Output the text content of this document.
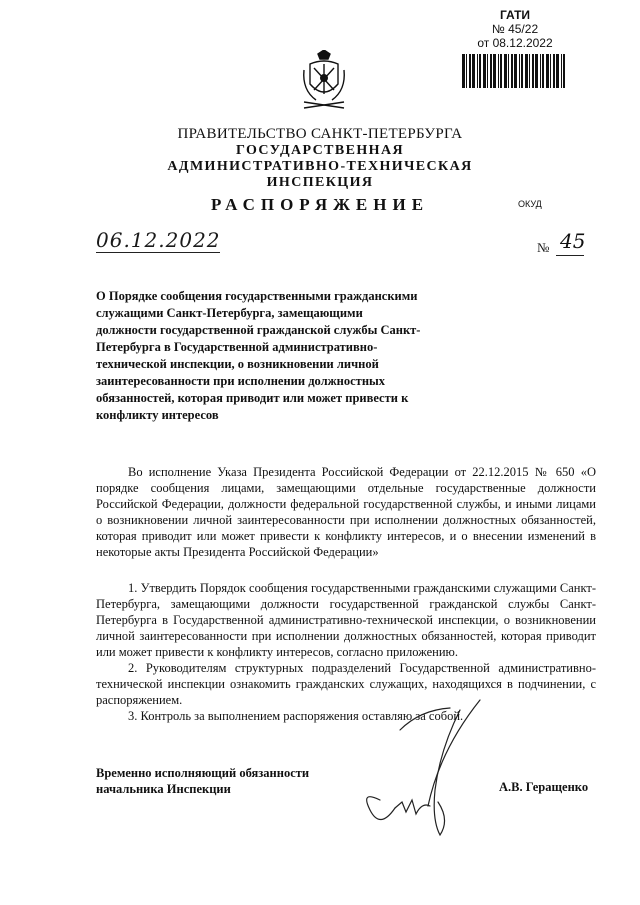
ГАТИ
№ 45/22
от 08.12.2022
ПРАВИТЕЛЬСТВО САНКТ-ПЕТЕРБУРГА
ГОСУДАРСТВЕННАЯ
АДМИНИСТРАТИВНО-ТЕХНИЧЕСКАЯ
ИНСПЕКЦИЯ
РАСПОРЯЖЕНИЕ	ОКУД
06.12.2022	№ 45
О Порядке сообщения государственными гражданскими служащими Санкт-Петербурга, замещающими должности государственной гражданской службы Санкт-Петербурга в Государственной административно-технической инспекции, о возникновении личной заинтересованности при исполнении должностных обязанностей, которая приводит или может привести к конфликту интересов
Во исполнение Указа Президента Российской Федерации от 22.12.2015 № 650 «О порядке сообщения лицами, замещающими отдельные государственные должности Российской Федерации, должности федеральной государственной службы, и иными лицами о возникновении личной заинтересованности при исполнении должностных обязанностей, которая приводит или может привести к конфликту интересов, и о внесении изменений в некоторые акты Президента Российской Федерации»
1. Утвердить Порядок сообщения государственными гражданскими служащими Санкт-Петербурга, замещающими должности государственной гражданской службы Санкт-Петербурга в Государственной административно-технической инспекции, о возникновении личной заинтересованности при исполнении должностных обязанностей, которая приводит или может привести к конфликту интересов, согласно приложению.
2. Руководителям структурных подразделений Государственной административно-технической инспекции ознакомить гражданских служащих, находящихся в подчинении, с распоряжением.
3. Контроль за выполнением распоряжения оставляю за собой.
Временно исполняющий обязанности начальника Инспекции	А.В. Геращенко
